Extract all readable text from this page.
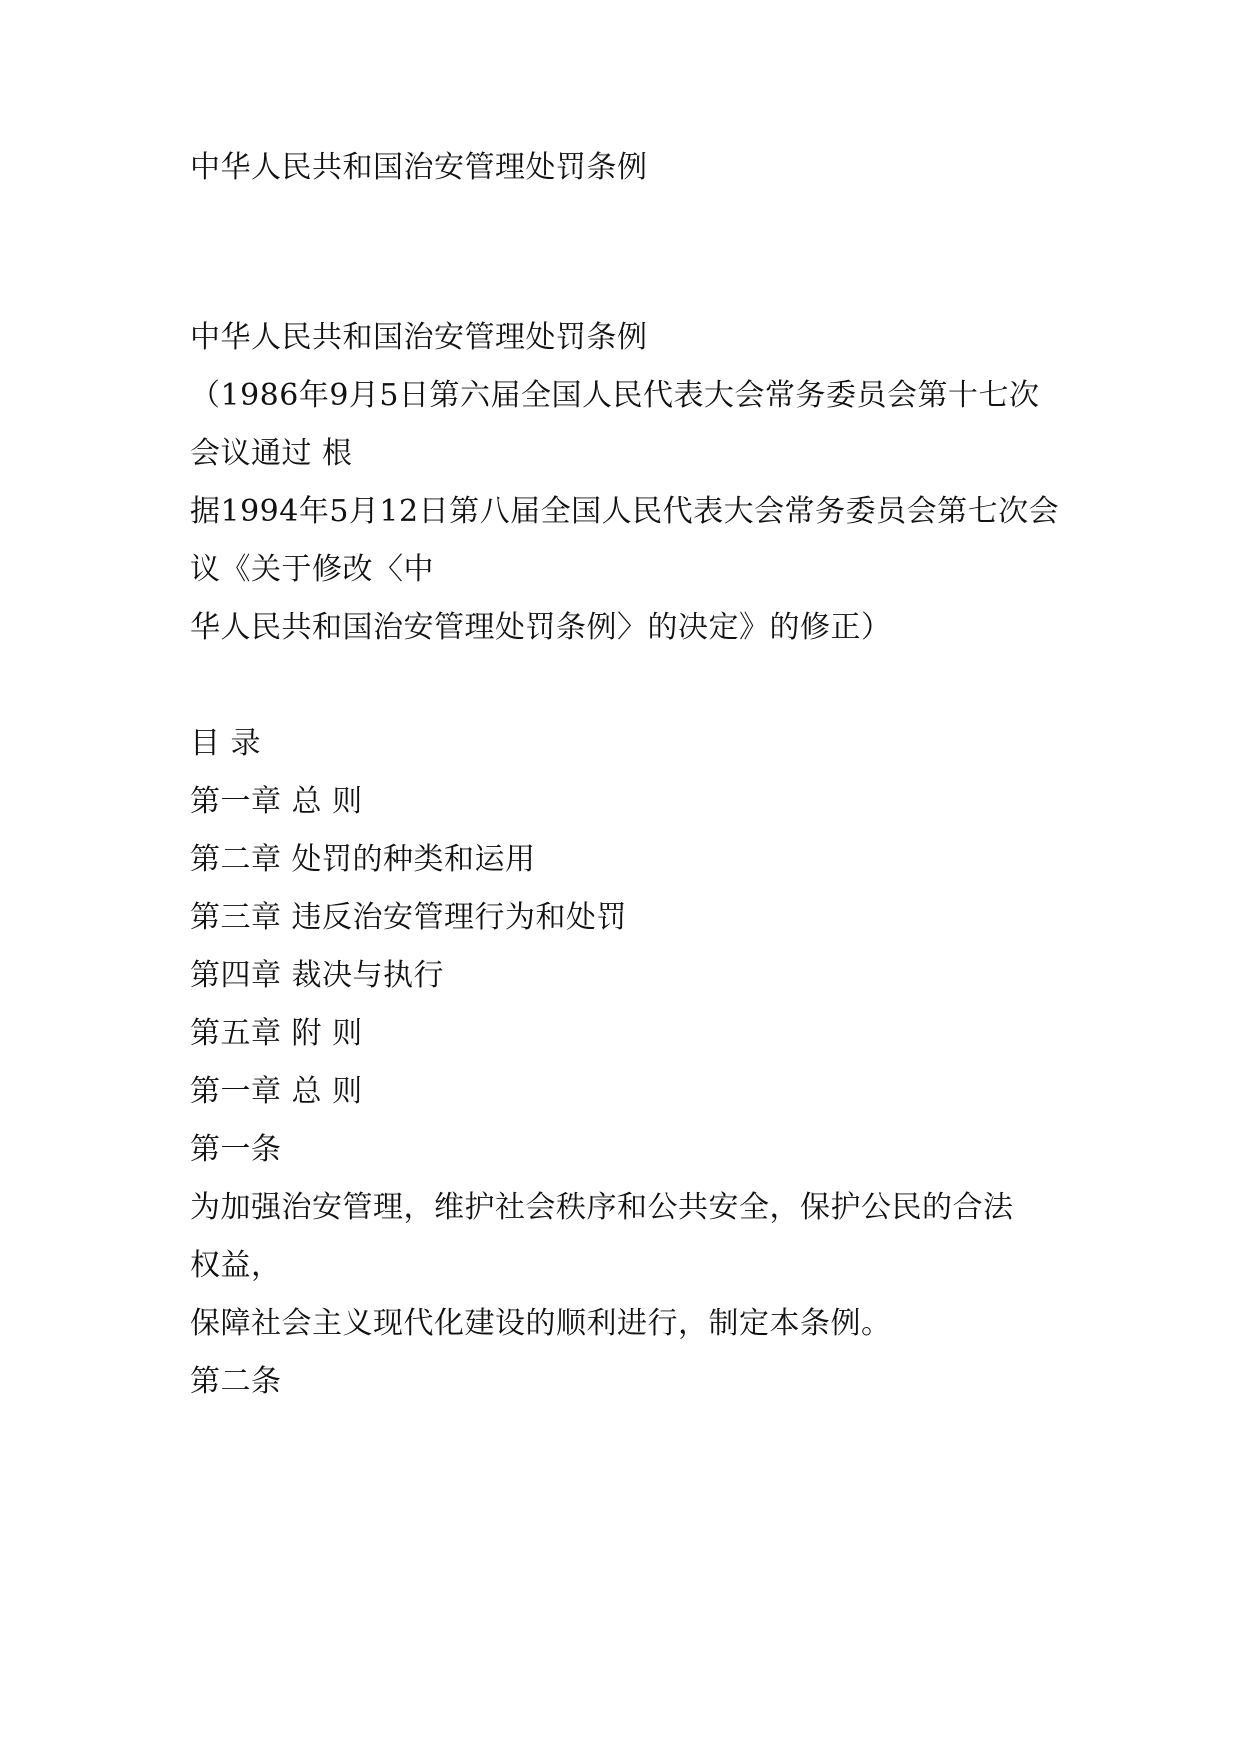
中华人民共和国治安管理处罚条例
中华人民共和国治安管理处罚条例
（1986年9月5日第六届全国人民代表大会常务委员会第十七次
会议通过 根
据1994年5月12日第八届全国人民代表大会常务委员会第七次会
议《关于修改〈中
华人民共和国治安管理处罚条例〉的决定》的修正）
目 录
第一章 总 则
第二章 处罚的种类和运用
第三章 违反治安管理行为和处罚
第四章 裁决与执行
第五章 附 则
第一章 总 则
第一条
为加强治安管理，维护社会秩序和公共安全，保护公民的合法
权益，
保障社会主义现代化建设的顺利进行，制定本条例。
第二条
